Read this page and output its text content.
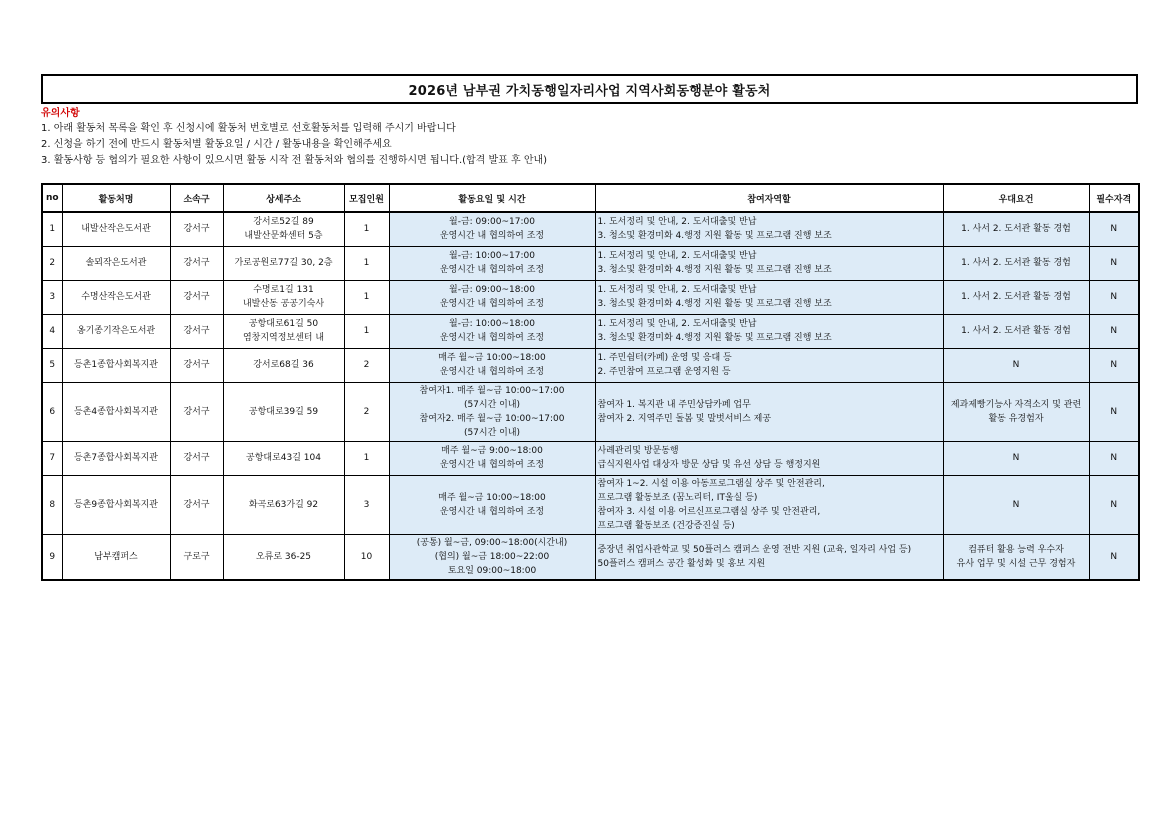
2026년 남부권 가치동행일자리사업 지역사회동행분야 활동처
유의사항
1. 아래 활동처 목록을 확인 후 신청시에 활동처 번호별로 선호활동처를 입력해 주시기 바랍니다
2. 신청을 하기 전에 반드시 활동처별 활동요일 / 시간 / 활동내용을 확인해주세요
3. 활동사항 등 협의가 필요한 사항이 있으시면 활동 시작 전 활동처와 협의를 진행하시면 됩니다.(합격 발표 후 안내)
no	활동처명	소속구	상세주소	모집인원	활동요일 및 시간	참여자역할	우대요건	필수자격
1	내발산작은도서관	강서구	강서로52길 89
내발산문화센터 5층	1	월-금: 09:00~17:00
운영시간 내 협의하여 조정	1. 도서정리 및 안내, 2. 도서대출및 반납
3. 청소및 환경미화 4.행정 지원 활동 및 프로그램 진행 보조	1. 사서 2. 도서관 활동 경험	N
2	솔뫼작은도서관	강서구	가로공원로77길 30, 2층	1	월-금: 10:00~17:00
운영시간 내 협의하여 조정	1. 도서정리 및 안내, 2. 도서대출및 반납
3. 청소및 환경미화 4.행정 지원 활동 및 프로그램 진행 보조	1. 사서 2. 도서관 활동 경험	N
3	수명산작은도서관	강서구	수명로1길 131
내발산동 공공기숙사	1	월-금: 09:00~18:00
운영시간 내 협의하여 조정	1. 도서정리 및 안내, 2. 도서대출및 반납
3. 청소및 환경미화 4.행정 지원 활동 및 프로그램 진행 보조	1. 사서 2. 도서관 활동 경험	N
4	옹기종기작은도서관	강서구	공항대로61길 50
염창지역정보센터 내	1	월-금: 10:00~18:00
운영시간 내 협의하여 조정	1. 도서정리 및 안내, 2. 도서대출및 반납
3. 청소및 환경미화 4.행정 지원 활동 및 프로그램 진행 보조	1. 사서 2. 도서관 활동 경험	N
5	등촌1종합사회복지관	강서구	강서로68길 36	2	매주 월~금 10:00~18:00
운영시간 내 협의하여 조정	1. 주민쉼터(카페) 운영 및 응대 등
2. 주민참여 프로그램 운영지원 등	N	N
6	등촌4종합사회복지관	강서구	공항대로39길 59	2	참여자1. 매주 월~금 10:00~17:00
(57시간 이내)
참여자2. 매주 월~금 10:00~17:00
(57시간 이내)	참여자 1. 복지관 내 주민상담카페 업무
참여자 2. 지역주민 돌봄 및 말벗서비스 제공	제과제빵기능사 자격소지 및 관련 활동 유경험자	N
7	등촌7종합사회복지관	강서구	공항대로43길 104	1	매주 월~금 9:00~18:00
운영시간 내 협의하여 조정	사례관리및 방문동행
급식지원사업 대상자 방문 상담 및 유선 상담 등 행정지원	N	N
8	등촌9종합사회복지관	강서구	화곡로63가길 92	3	매주 월~금 10:00~18:00
운영시간 내 협의하여 조정	참여자 1~2. 시설 이용 아동프로그램실 상주 및 안전관리,
프로그램 활동보조 (꿈노리터, IT울실 등)
참여자 3. 시설 이용 어르신프로그램실 상주 및 안전관리,
프로그램 활동보조 (건강증진실 등)	N	N
9	남부캠퍼스	구로구	오류로 36-25	10	(공통) 월~금, 09:00~18:00(시간내)
(협의) 월~금 18:00~22:00
토요일 09:00~18:00	중장년 취업사관학교 및 50플러스 캠퍼스 운영 전반 지원 (교육, 일자리 사업 등)
50플러스 캠퍼스 공간 활성화 및 홍보 지원	컴퓨터 활용 능력 우수자
유사 업무 및 시설 근무 경험자	N
